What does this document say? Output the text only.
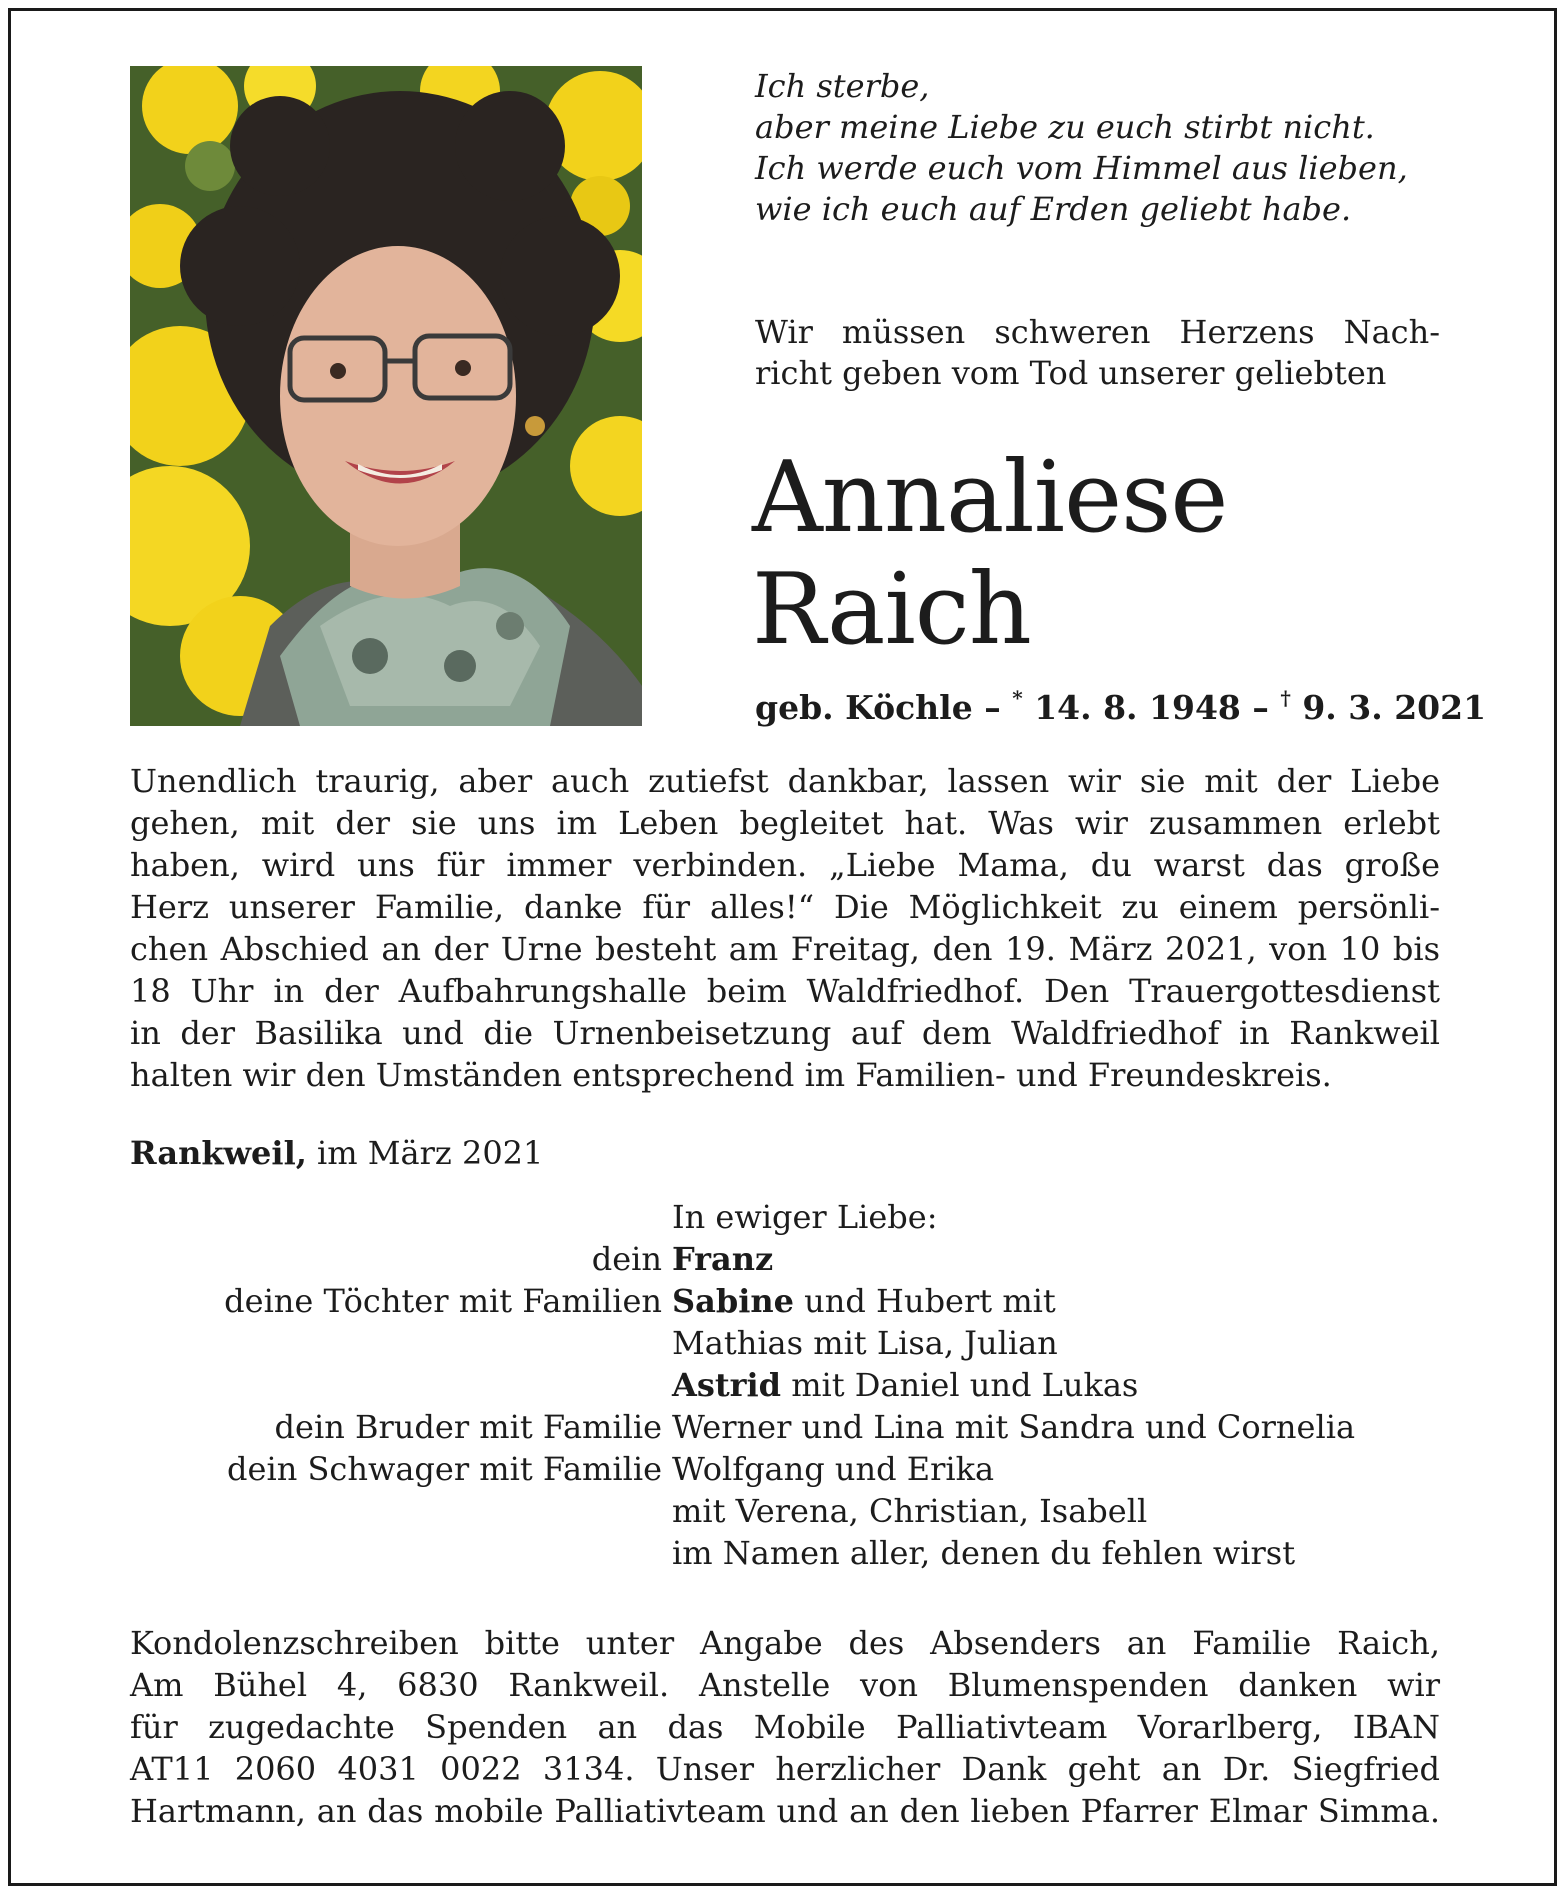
Ich sterbe,
aber meine Liebe zu euch stirbt nicht.
Ich werde euch vom Himmel aus lieben,
wie ich euch auf Erden geliebt habe.
Wir müssen schweren Herzens Nach-
richt geben vom Tod unserer geliebten
Annaliese
Raich
geb. Köchle – * 14. 8. 1948 – † 9. 3. 2021
Unendlich traurig, aber auch zutiefst dankbar, lassen wir sie mit der Liebe
gehen, mit der sie uns im Leben begleitet hat. Was wir zusammen erlebt
haben, wird uns für immer verbinden. „Liebe Mama, du warst das große
Herz unserer Familie, danke für alles!“ Die Möglichkeit zu einem persönli-
chen Abschied an der Urne besteht am Freitag, den 19. März 2021, von 10 bis
18 Uhr in der Aufbahrungshalle beim Waldfriedhof. Den Trauergottesdienst
in der Basilika und die Urnenbeisetzung auf dem Waldfriedhof in Rankweil
halten wir den Umständen entsprechend im Familien- und Freundeskreis.
Rankweil, im März 2021
In ewiger Liebe:
dein Franz
deine Töchter mit Familien Sabine und Hubert mit
Mathias mit Lisa, Julian
Astrid mit Daniel und Lukas
dein Bruder mit Familie Werner und Lina mit Sandra und Cornelia
dein Schwager mit Familie Wolfgang und Erika
mit Verena, Christian, Isabell
im Namen aller, denen du fehlen wirst
Kondolenzschreiben bitte unter Angabe des Absenders an Familie Raich,
Am Bühel 4, 6830 Rankweil. Anstelle von Blumenspenden danken wir
für zugedachte Spenden an das Mobile Palliativteam Vorarlberg, IBAN
AT11 2060 4031 0022 3134. Unser herzlicher Dank geht an Dr. Siegfried
Hartmann, an das mobile Palliativteam und an den lieben Pfarrer Elmar Simma.
